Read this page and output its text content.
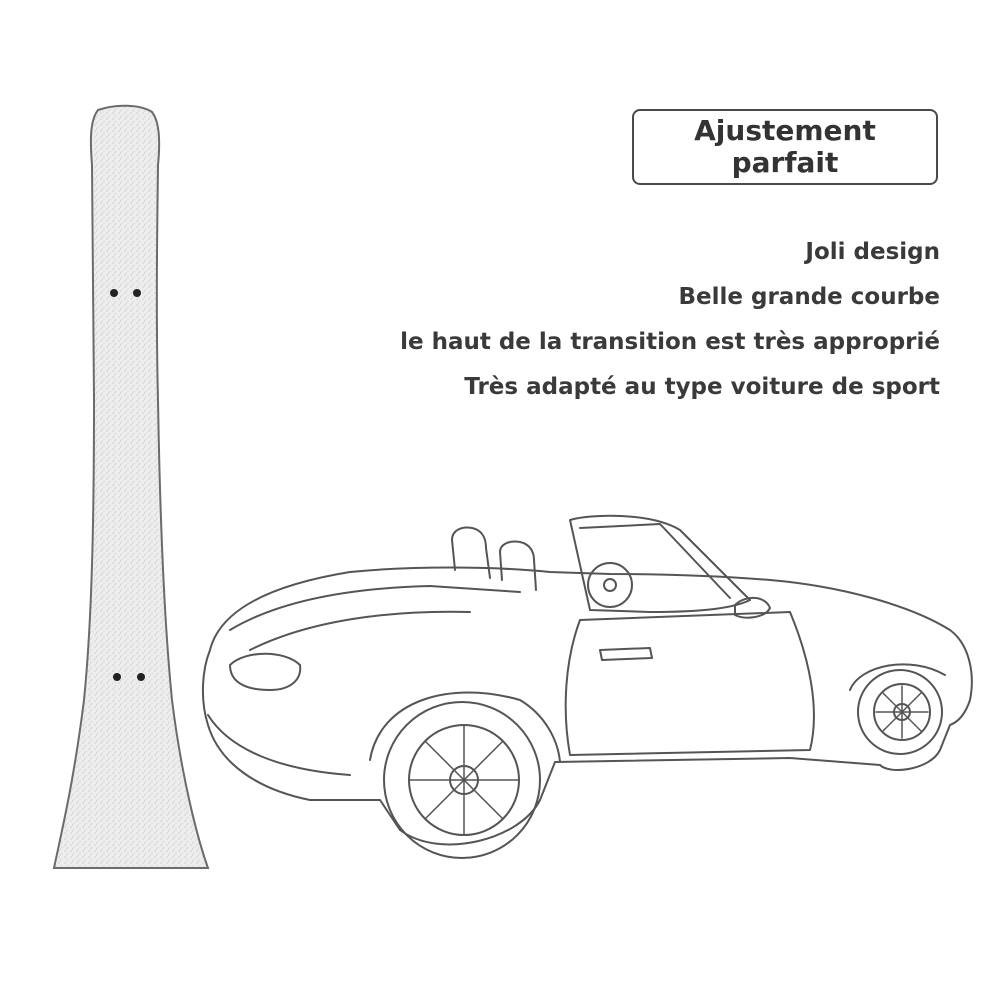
Ajustement parfait
Joli design
Belle grande courbe
le haut de la transition est très approprié
Très adapté au type voiture de sport
